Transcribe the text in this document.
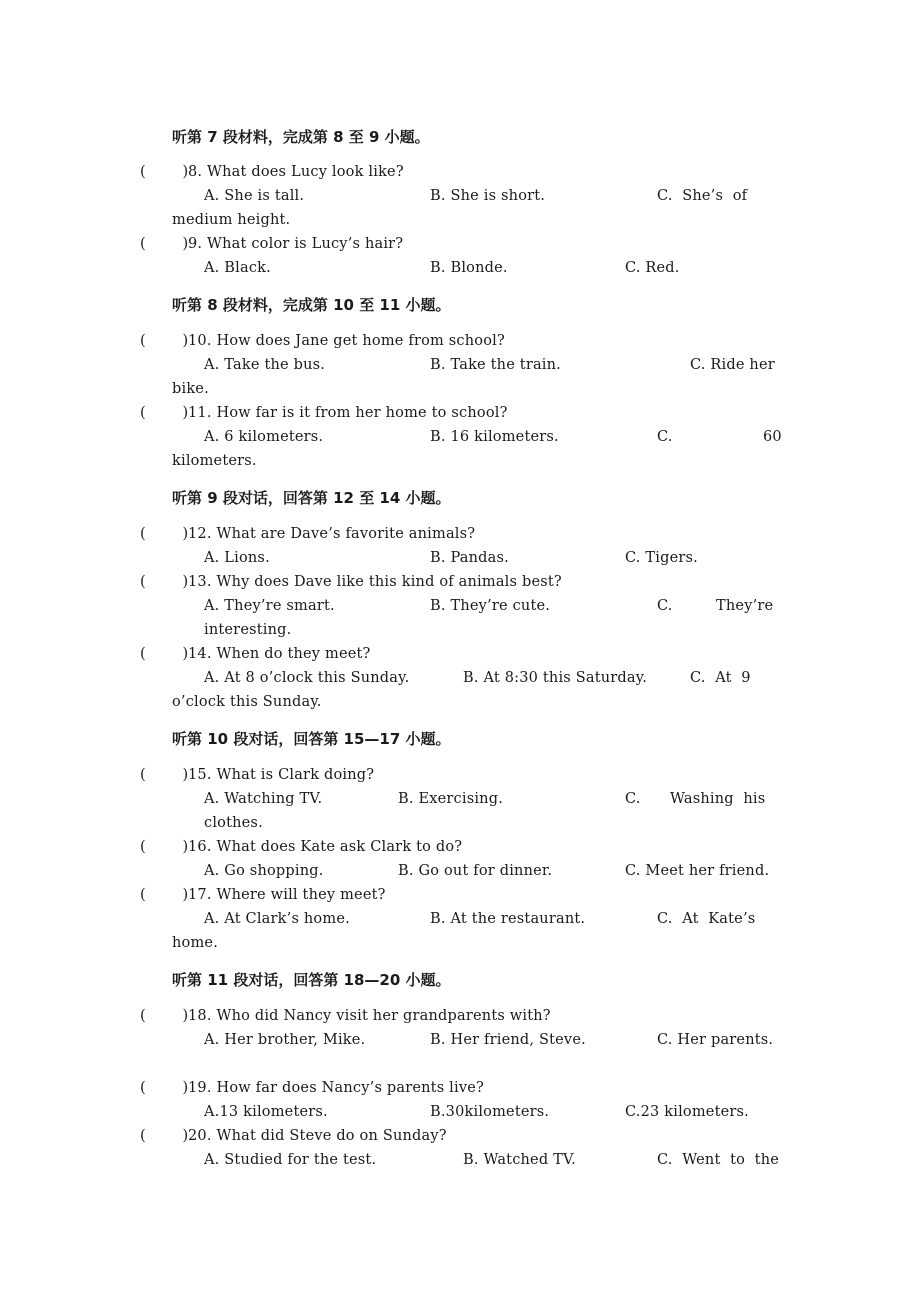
听第 7 段材料，完成第 8 至 9 小题。
(        ) 8. What does Lucy look like?
A. She is tall.	B. She is short.	C.  She’s  of
medium height.
(        ) 9. What color is Lucy’s hair?
A. Black.	B. Blonde.	C. Red.
听第 8 段材料，完成第 10 至 11 小题。
(        ) 10. How does Jane get home from school?
A. Take the bus.	B. Take the train.	C. Ride her
bike.
(        ) 11. How far is it from her home to school?
A. 6 kilometers.	B. 16 kilometers.	C.	60
kilometers.
听第 9 段对话，回答第 12 至 14 小题。
(        ) 12. What are Dave’s favorite animals?
A. Lions.	B. Pandas.	C. Tigers.
(        ) 13. Why does Dave like this kind of animals best?
A. They’re smart.	B. They’re cute.	C.	They’re
interesting.
(        ) 14. When do they meet?
A. At 8 o’clock this Sunday.	B. At 8:30 this Saturday.	C.  At  9
o’clock this Sunday.
听第 10 段对话，回答第 15—17 小题。
(        ) 15. What is Clark doing?
A. Watching TV.	B. Exercising.	C. Washing  his
clothes.
(        ) 16. What does Kate ask Clark to do?
A. Go shopping.	B. Go out for dinner.	C. Meet her friend.
(        ) 17. Where will they meet?
A. At Clark’s home.	B. At the restaurant.	C.  At  Kate’s
home.
听第 11 段对话，回答第 18—20 小题。
(        ) 18. Who did Nancy visit her grandparents with?
A. Her brother, Mike.	B. Her friend, Steve.	C. Her parents.
(        ) 19. How far does Nancy’s parents live?
A.13 kilometers.	B.30kilometers.	C.23 kilometers.
(        ) 20. What did Steve do on Sunday?
A. Studied for the test.	B. Watched TV.	C.  Went  to  the
